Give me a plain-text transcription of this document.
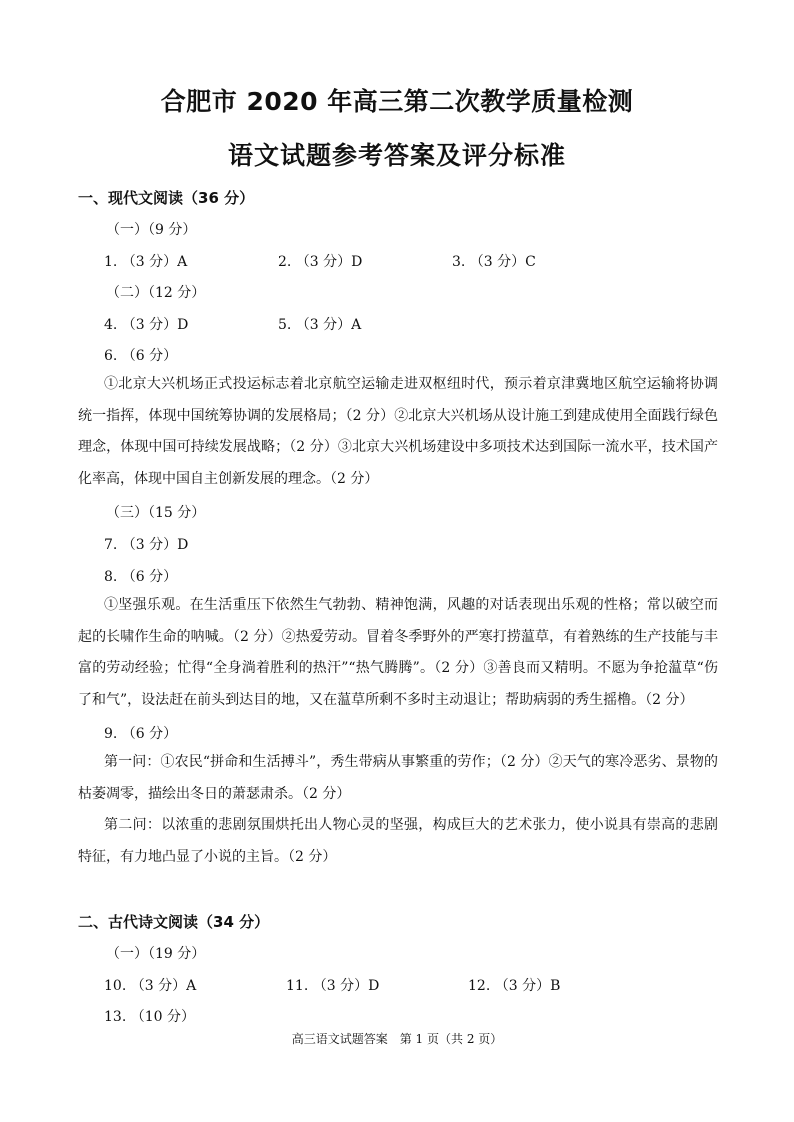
合肥市 2020 年高三第二次教学质量检测
语文试题参考答案及评分标准
一、现代文阅读（36 分）
（一）（9 分）
1. （3 分）A	2. （3 分）D	3. （3 分）C
（二）（12 分）
4. （3 分）D	5. （3 分）A
6. （6 分）
①北京大兴机场正式投运标志着北京航空运输走进双枢纽时代，预示着京津冀地区航空运输将协调统一指挥，体现中国统筹协调的发展格局；（2 分）②北京大兴机场从设计施工到建成使用全面践行绿色理念，体现中国可持续发展战略；（2 分）③北京大兴机场建设中多项技术达到国际一流水平，技术国产化率高，体现中国自主创新发展的理念。（2 分）
（三）（15 分）
7. （3 分）D
8. （6 分）
①坚强乐观。在生活重压下依然生气勃勃、精神饱满，风趣的对话表现出乐观的性格；常以破空而起的长啸作生命的呐喊。（2 分）②热爱劳动。冒着冬季野外的严寒打捞蕰草，有着熟练的生产技能与丰富的劳动经验；忙得“全身淌着胜利的热汗”“热气腾腾”。（2 分）③善良而又精明。不愿为争抢蕰草“伤了和气”，设法赶在前头到达目的地，又在蕰草所剩不多时主动退让；帮助病弱的秀生摇橹。（2 分）
9. （6 分）
第一问：①农民“拼命和生活搏斗”，秀生带病从事繁重的劳作；（2 分）②天气的寒冷恶劣、景物的枯萎凋零，描绘出冬日的萧瑟肃杀。（2 分）
第二问：以浓重的悲剧氛围烘托出人物心灵的坚强，构成巨大的艺术张力，使小说具有崇高的悲剧特征，有力地凸显了小说的主旨。（2 分）
二、古代诗文阅读（34 分）
（一）（19 分）
10. （3 分）A	11. （3 分）D	12. （3 分）B
13. （10 分）
高三语文试题答案　第 1 页（共 2 页）
